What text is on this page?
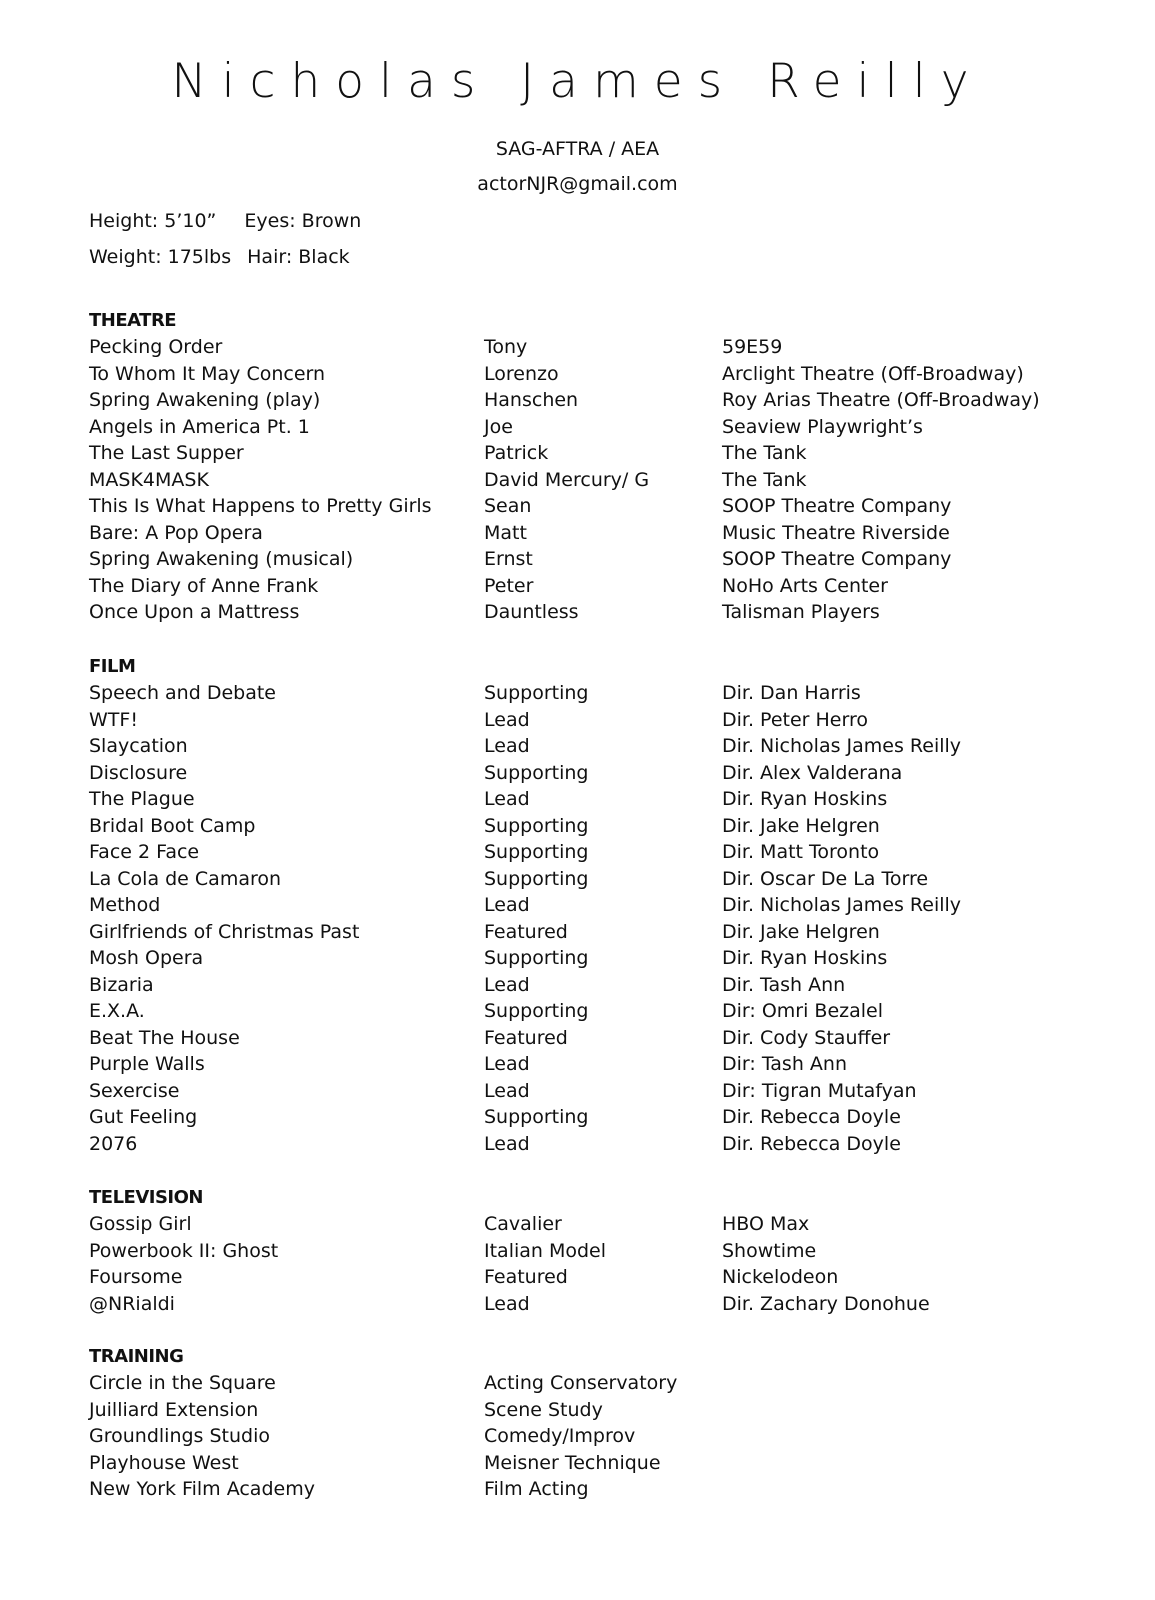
Nicholas James Reilly
SAG-AFTRA / AEA
actorNJR@gmail.com
Height: 5’10” Eyes: Brown
Weight: 175lbs Hair: Black
THEATRE
Pecking Order	Tony	59E59
To Whom It May Concern	Lorenzo	Arclight Theatre (Off-Broadway)
Spring Awakening (play)	Hanschen	Roy Arias Theatre (Off-Broadway)
Angels in America Pt. 1	Joe	Seaview Playwright’s
The Last Supper	Patrick	The Tank
MASK4MASK	David Mercury/ G	The Tank
This Is What Happens to Pretty Girls	Sean	SOOP Theatre Company
Bare: A Pop Opera	Matt	Music Theatre Riverside
Spring Awakening (musical)	Ernst	SOOP Theatre Company
The Diary of Anne Frank	Peter	NoHo Arts Center
Once Upon a Mattress	Dauntless	Talisman Players
FILM
Speech and Debate	Supporting	Dir. Dan Harris
WTF!	Lead	Dir. Peter Herro
Slaycation	Lead	Dir. Nicholas James Reilly
Disclosure	Supporting	Dir. Alex Valderana
The Plague	Lead	Dir. Ryan Hoskins
Bridal Boot Camp	Supporting	Dir. Jake Helgren
Face 2 Face	Supporting	Dir. Matt Toronto
La Cola de Camaron	Supporting	Dir. Oscar De La Torre
Method	Lead	Dir. Nicholas James Reilly
Girlfriends of Christmas Past	Featured	Dir. Jake Helgren
Mosh Opera	Supporting	Dir. Ryan Hoskins
Bizaria	Lead	Dir. Tash Ann
E.X.A.	Supporting	Dir: Omri Bezalel
Beat The House	Featured	Dir. Cody Stauffer
Purple Walls	Lead	Dir: Tash Ann
Sexercise	Lead	Dir: Tigran Mutafyan
Gut Feeling	Supporting	Dir. Rebecca Doyle
2076	Lead	Dir. Rebecca Doyle
TELEVISION
Gossip Girl	Cavalier	HBO Max
Powerbook II: Ghost	Italian Model	Showtime
Foursome	Featured	Nickelodeon
@NRialdi	Lead	Dir. Zachary Donohue
TRAINING
Circle in the Square	Acting Conservatory
Juilliard Extension	Scene Study
Groundlings Studio	Comedy/Improv
Playhouse West	Meisner Technique
New York Film Academy	Film Acting
